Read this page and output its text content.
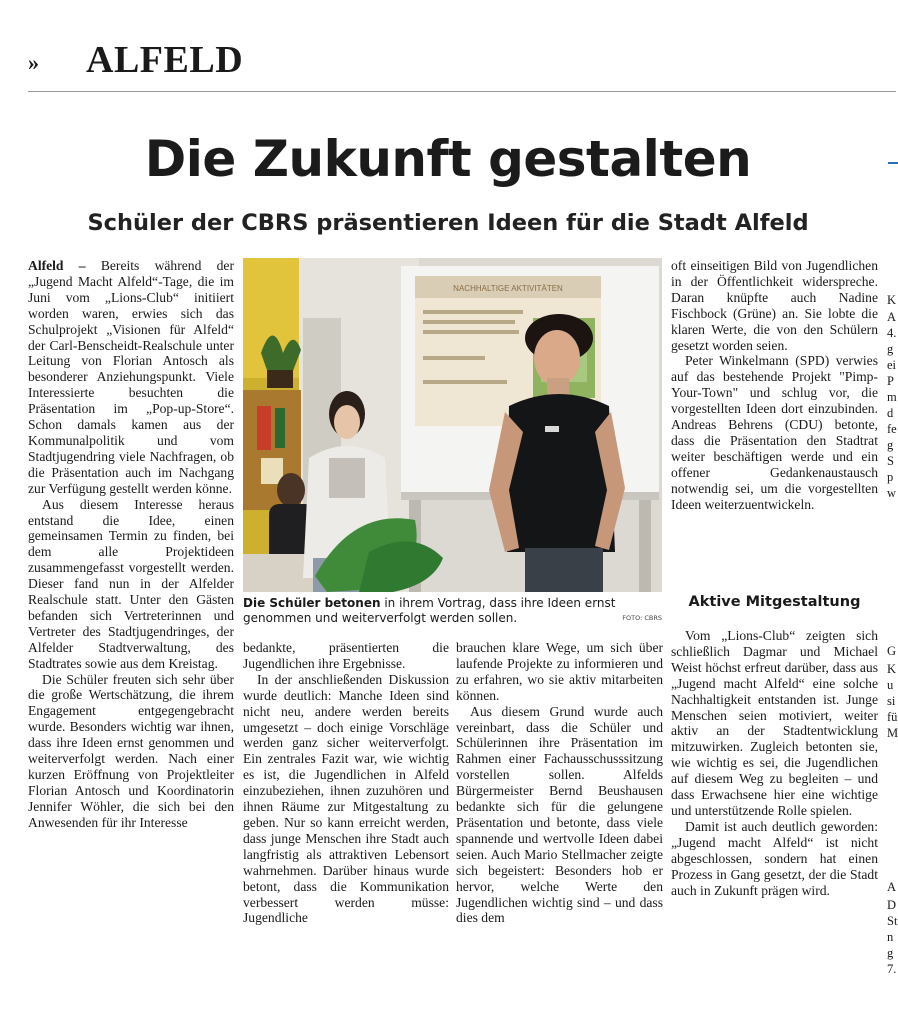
» ALFELD
Die Zukunft gestalten
Schüler der CBRS präsentieren Ideen für die Stadt Alfeld

Alfeld – Bereits während der „Jugend Macht Alfeld“-Tage, die im Juni vom „Lions-Club“ initiiert worden waren, erwies sich das Schulprojekt „Visionen für Alfeld“ der Carl-Benscheidt-Realschule unter Leitung von Florian Antosch als besonderer Anziehungspunkt. Viele Interessierte besuchten die Präsentation im „Pop-up-Store“. Schon damals kamen aus der Kommunalpolitik und vom Stadtjugendring viele Nachfragen, ob die Präsentation auch im Nachgang zur Verfügung gestellt werden könne.

Aus diesem Interesse heraus entstand die Idee, einen gemeinsamen Termin zu finden, bei dem alle Projektideen zusammengefasst vorgestellt werden. Dieser fand nun in der Alfelder Realschule statt. Unter den Gästen befanden sich Vertreterinnen und Vertreter des Stadtjugendringes, der Alfelder Stadtverwaltung, des Stadtrates sowie aus dem Kreistag.

Die Schüler freuten sich sehr über die große Wertschätzung, die ihrem Engagement entgegengebracht wurde. Besonders wichtig war ihnen, dass ihre Ideen ernst genommen und weiterverfolgt werden. Nach einer kurzen Eröffnung von Projektleiter Florian Antosch und Koordinatorin Jennifer Wöhler, die sich bei den Anwesenden für ihr Interesse

NACHHALTIGE AKTIVITÄTEN
Die Schüler betonen in ihrem Vortrag, dass ihre Ideen ernst genommen und weiterverfolgt werden sollen.	FOTO: CBRS

bedankte, präsentierten die Jugendlichen ihre Ergebnisse.

In der anschließenden Diskussion wurde deutlich: Manche Ideen sind nicht neu, andere werden bereits umgesetzt – doch einige Vorschläge werden ganz sicher weiterverfolgt. Ein zentrales Fazit war, wie wichtig es ist, die Jugendlichen in Alfeld einzubeziehen, ihnen zuzuhören und ihnen Räume zur Mitgestaltung zu geben. Nur so kann erreicht werden, dass junge Menschen ihre Stadt auch langfristig als attraktiven Lebensort wahrnehmen. Darüber hinaus wurde betont, dass die Kommunikation verbessert werden müsse: Jugendliche

brauchen klare Wege, um sich über laufende Projekte zu informieren und zu erfahren, wo sie aktiv mitarbeiten können.

Aus diesem Grund wurde auch vereinbart, dass die Schüler und Schülerinnen ihre Präsentation im Rahmen einer Fachausschusssitzung vorstellen sollen. Alfelds Bürgermeister Bernd Beushausen bedankte sich für die gelungene Präsentation und betonte, dass viele spannende und wertvolle Ideen dabei seien. Auch Mario Stellmacher zeigte sich begeistert: Besonders hob er hervor, welche Werte den Jugendlichen wichtig sind – und dass dies dem

oft einseitigen Bild von Jugendlichen in der Öffentlichkeit widerspreche. Daran knüpfte auch Nadine Fischbock (Grüne) an. Sie lobte die klaren Werte, die von den Schülern gesetzt worden seien.

Peter Winkelmann (SPD) verwies auf das bestehende Projekt "Pimp-Your-Town" und schlug vor, die vorgestellten Ideen dort einzubinden. Andreas Behrens (CDU) betonte, dass die Präsentation den Stadtrat weiter beschäftigen werde und ein offener Gedankenaustausch notwendig sei, um die vorgestellten Ideen weiterzuentwickeln.

Aktive Mitgestaltung

Vom „Lions-Club“ zeigten sich schließlich Dagmar und Michael Weist höchst erfreut darüber, dass aus „Jugend macht Alfeld“ eine solche Nachhaltigkeit entstanden ist. Junge Menschen seien motiviert, weiter aktiv an der Stadtentwicklung mitzuwirken. Zugleich betonten sie, wie wichtig es sei, die Jugendlichen auf diesem Weg zu begleiten – und dass Erwachsene hier eine wichtige und unterstützende Rolle spielen.

Damit ist auch deutlich geworden: „Jugend macht Alfeld“ ist nicht abgeschlossen, sondern hat einen Prozess in Gang gesetzt, der die Stadt auch in Zukunft prägen wird.

K
A
4.
g
ei
P
m
d
fe
g
S
p
w
G
K
u
si
fü
M
A
D
St
n
g
7.
